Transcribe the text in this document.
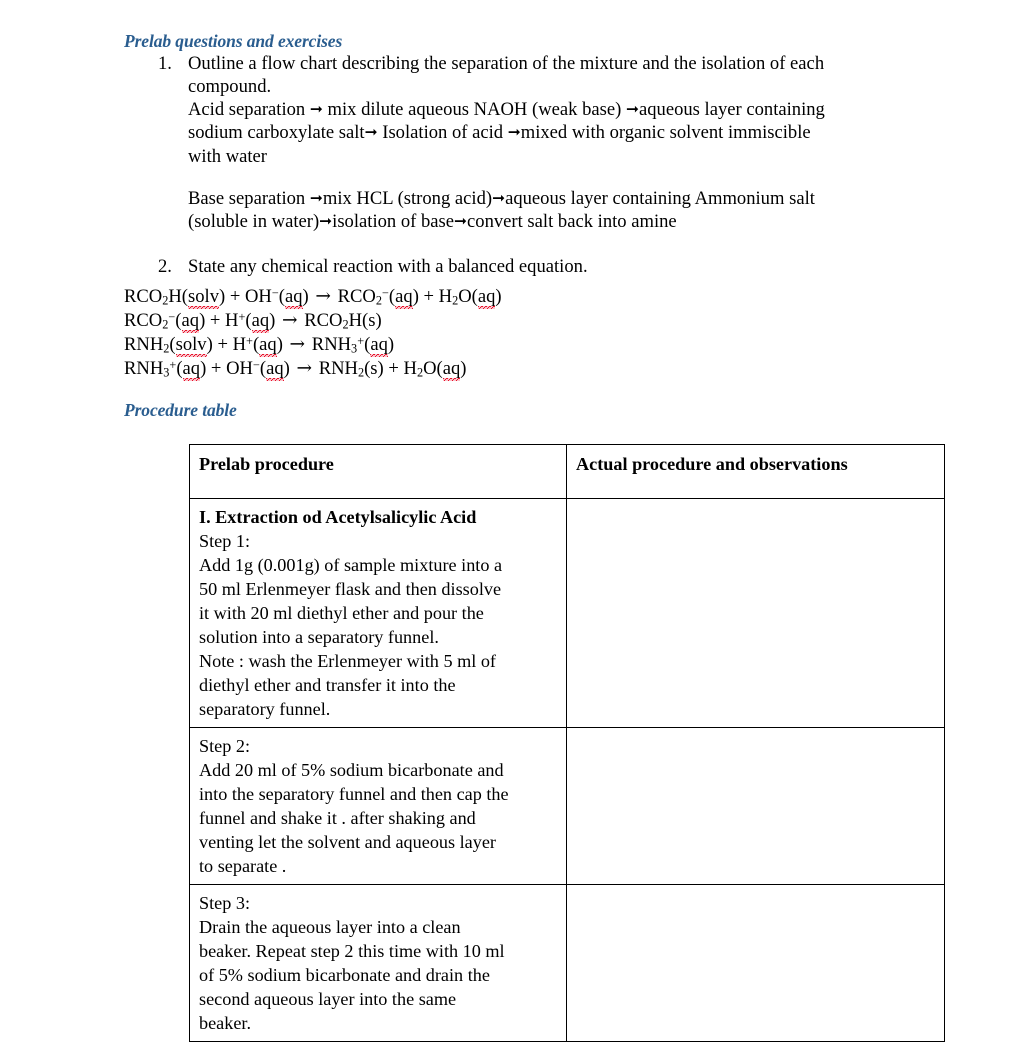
Prelab questions and exercises
1. Outline a flow chart describing the separation of the mixture and the isolation of each

compound.

Acid separation ➞ mix dilute aqueous NAOH (weak base) ➞aqueous layer containing

sodium carboxylate salt➞ Isolation of acid ➞mixed with organic solvent immiscible

with water

Base separation ➞mix HCL (strong acid)➞aqueous layer containing Ammonium salt

(soluble in water)➞isolation of base➞convert salt back into amine

2. State any chemical reaction with a balanced equation.

$RCO_2H(solv) + OH^-(aq) \to RCO_2^-(aq) + H_2O(aq)$
$RCO_2^-(aq) + H^+(aq) \to RCO_2H(s)$
$RNH_2(solv) + H^+(aq) \to RNH_3^+(aq)$
$RNH_3^+(aq) + OH^-(aq) \to RNH_2(s) + H_2O(aq)$
Procedure table
Prelab procedure	Actual procedure and observations

I. Extraction od Acetylsalicylic Acid
Step 1:
Add 1g (0.001g) of sample mixture into a
50 ml Erlenmeyer flask and then dissolve
it with 20 ml diethyl ether and pour the
solution into a separatory funnel.
Note : wash the Erlenmeyer with 5 ml of
diethyl ether and transfer it into the
separatory funnel.

Step 2:
Add 20 ml of 5% sodium bicarbonate and
into the separatory funnel and then cap the
funnel and shake it . after shaking and
venting let the solvent and aqueous layer
to separate .

Step 3:
Drain the aqueous layer into a clean
beaker. Repeat step 2 this time with 10 ml
of 5% sodium bicarbonate and drain the
second aqueous layer into the same
beaker.
